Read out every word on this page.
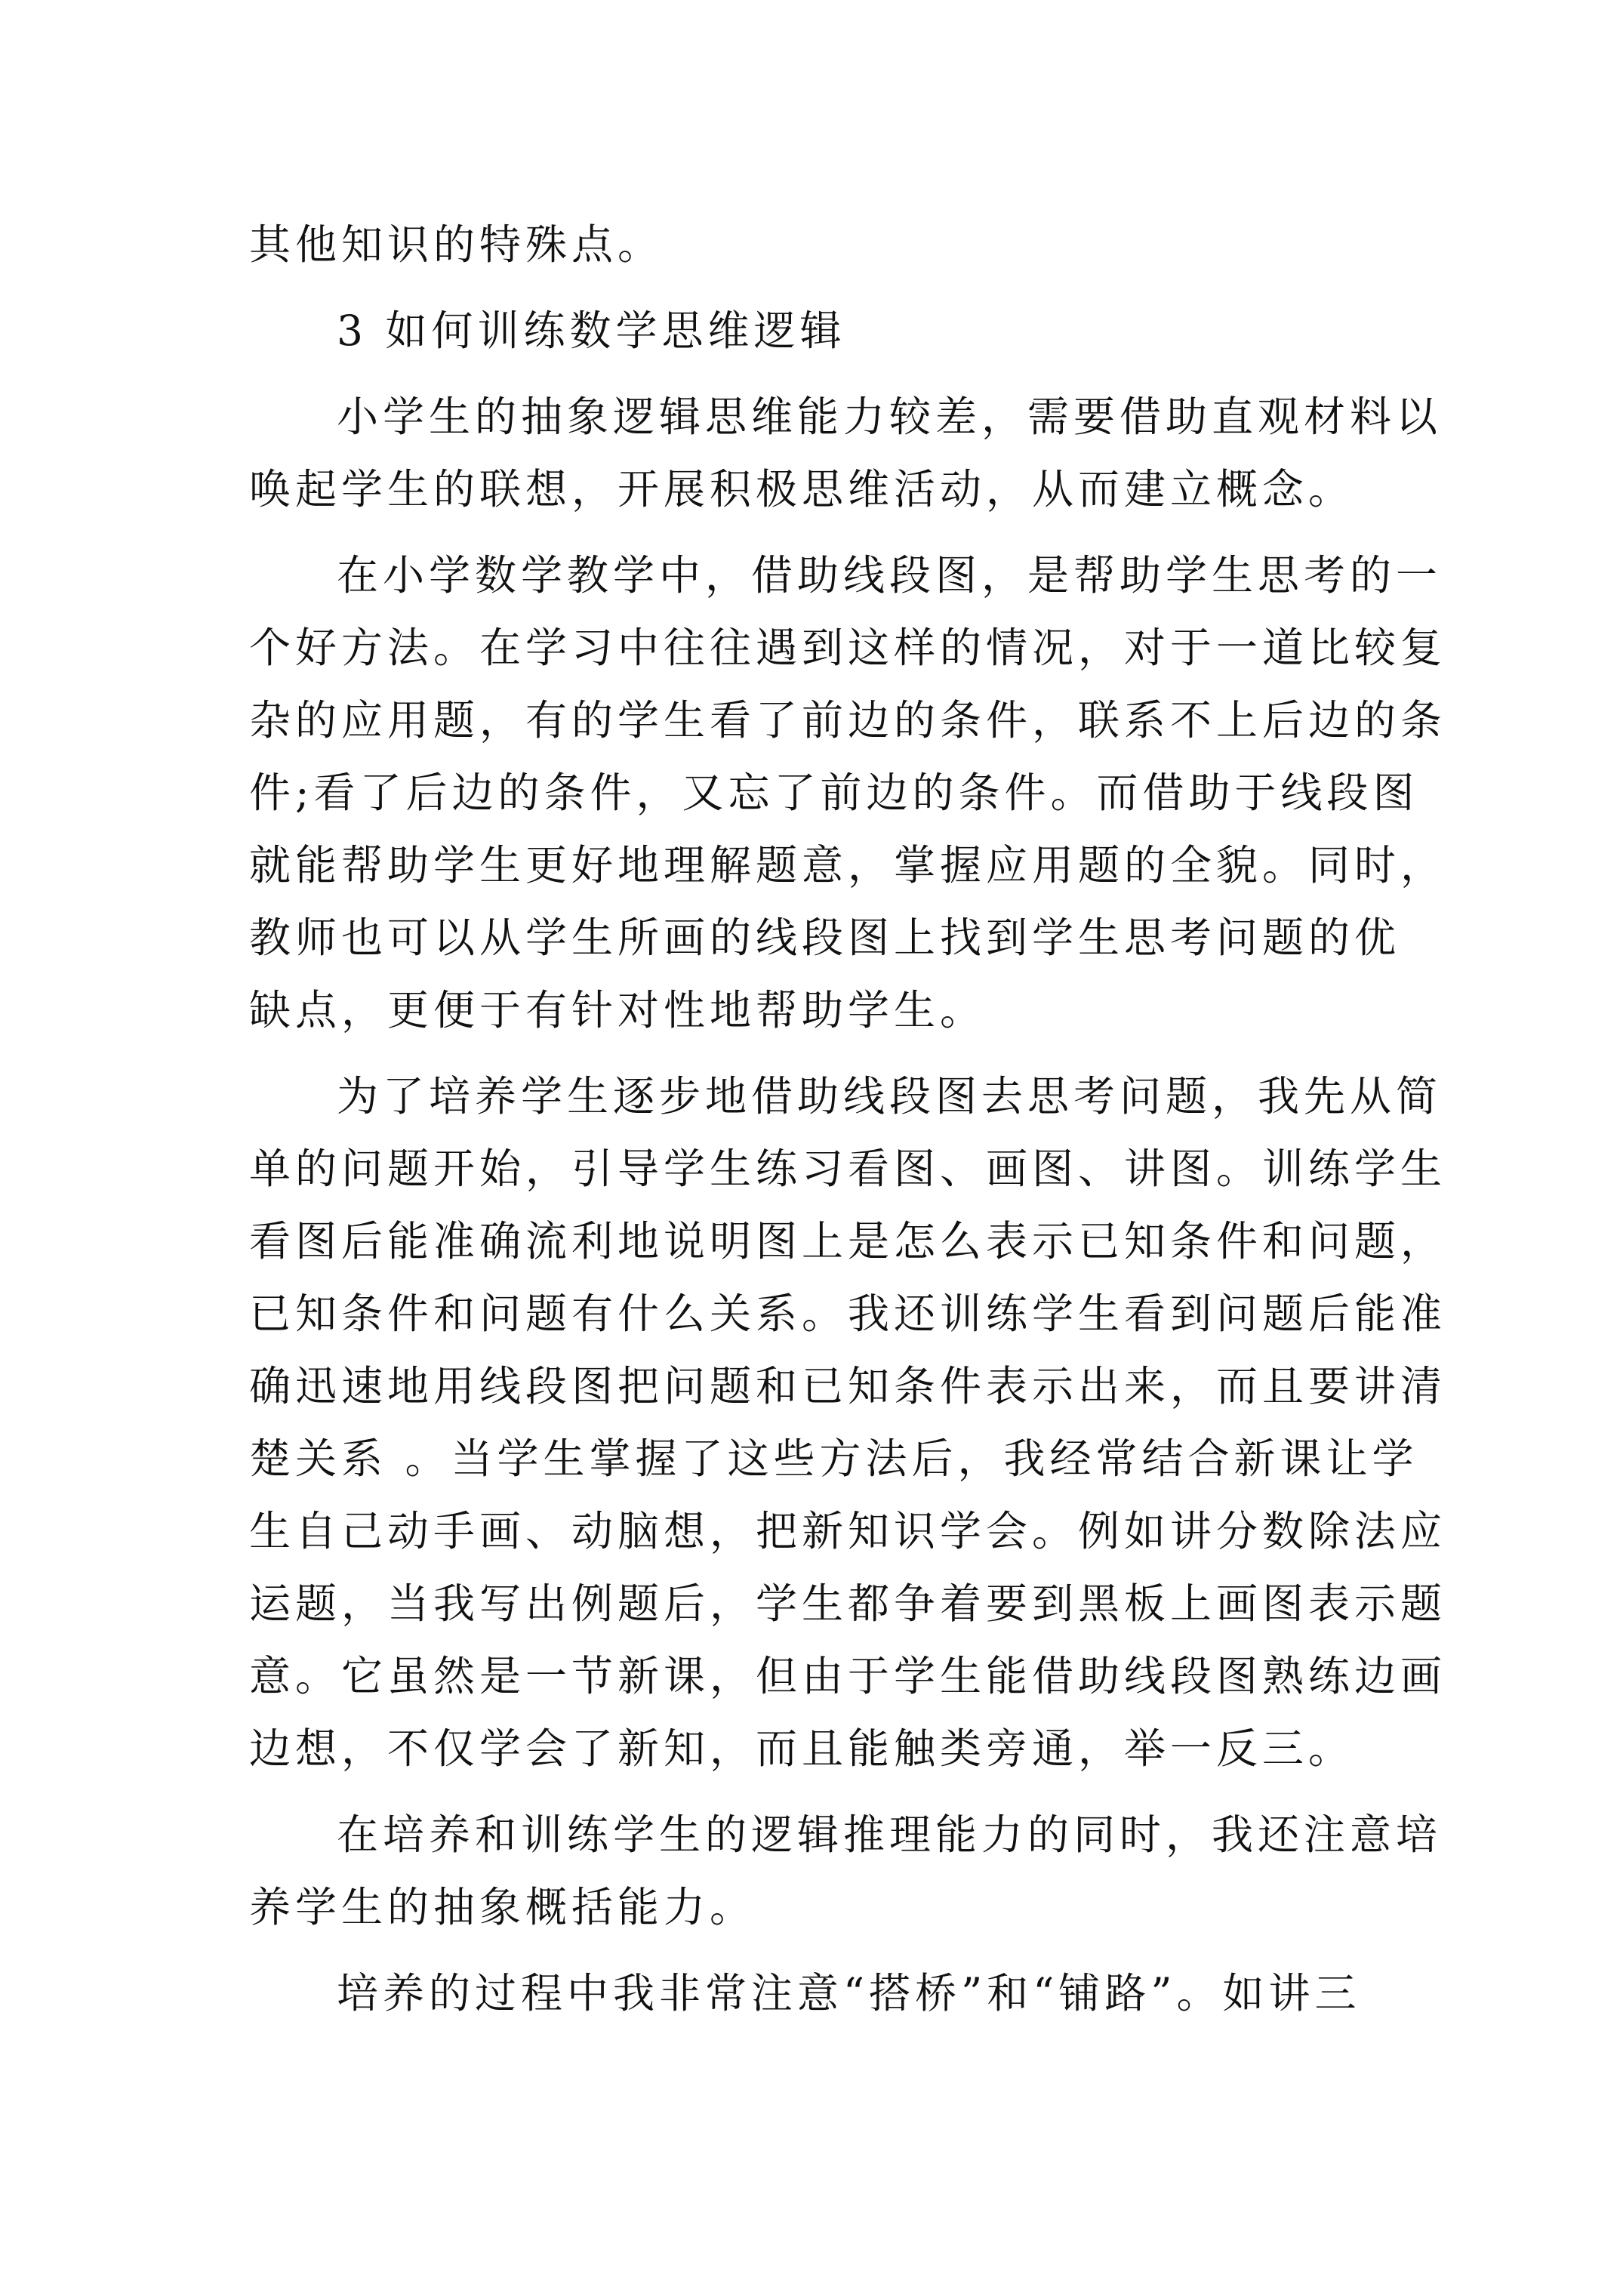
其他知识的特殊点。
3 如何训练数学思维逻辑
小学生的抽象逻辑思维能力较差，需要借助直观材料以
唤起学生的联想，开展积极思维活动，从而建立概念。
在小学数学教学中，借助线段图，是帮助学生思考的一
个好方法。在学习中往往遇到这样的情况，对于一道比较复
杂的应用题，有的学生看了前边的条件，联系不上后边的条
件;看了后边的条件，又忘了前边的条件。而借助于线段图
就能帮助学生更好地理解题意，掌握应用题的全貌。同时，
教师也可以从学生所画的线段图上找到学生思考问题的优
缺点，更便于有针对性地帮助学生。
为了培养学生逐步地借助线段图去思考问题，我先从简
单的问题开始，引导学生练习看图、画图、讲图。训练学生
看图后能准确流利地说明图上是怎么表示已知条件和问题，
已知条件和问题有什么关系。我还训练学生看到问题后能准
确迅速地用线段图把问题和已知条件表示出来，而且要讲清
楚关系 。当学生掌握了这些方法后，我经常结合新课让学
生自己动手画、动脑想，把新知识学会。例如讲分数除法应
运题，当我写出例题后，学生都争着要到黑板上画图表示题
意。它虽然是一节新课，但由于学生能借助线段图熟练边画
边想，不仅学会了新知，而且能触类旁通，举一反三。
在培养和训练学生的逻辑推理能力的同时，我还注意培
养学生的抽象概括能力。
培养的过程中我非常注意“搭桥”和“铺路”。如讲三
